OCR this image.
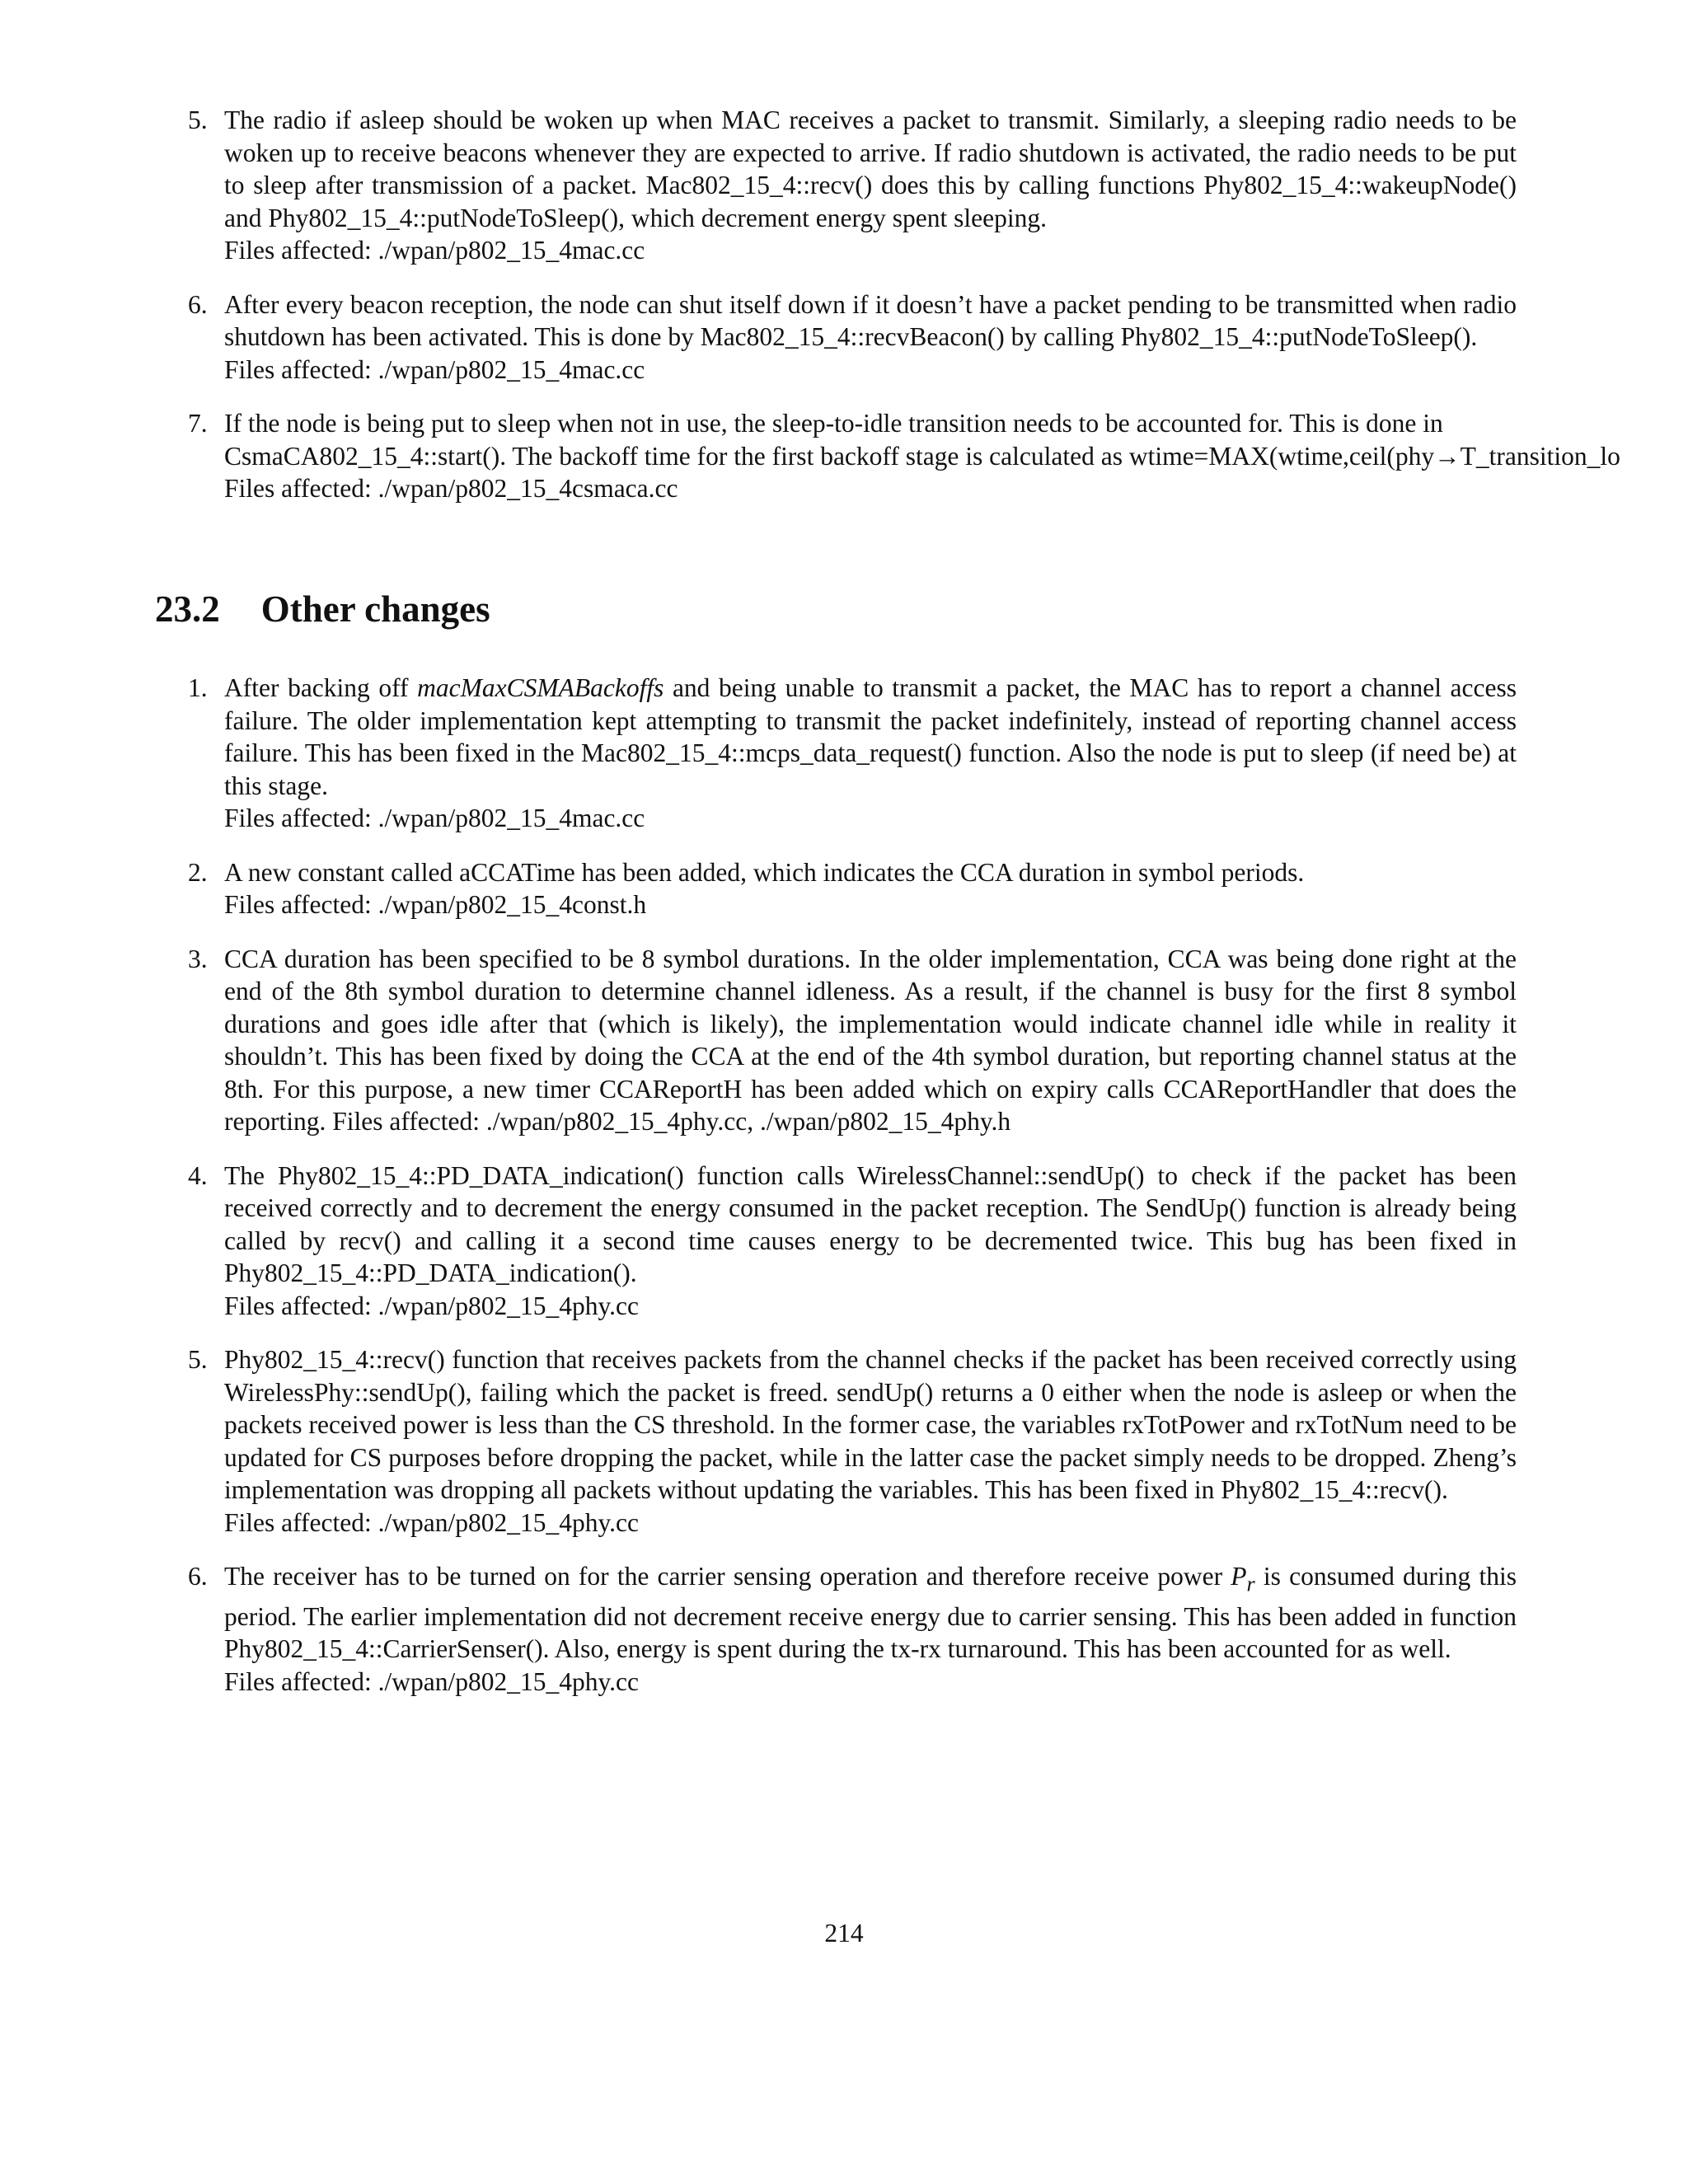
5. The radio if asleep should be woken up when MAC receives a packet to transmit. Similarly, a sleeping radio needs to be woken up to receive beacons whenever they are expected to arrive. If radio shutdown is activated, the radio needs to be put to sleep after transmission of a packet. Mac802_15_4::recv() does this by calling functions Phy802_15_4::wakeupNode() and Phy802_15_4::putNodeToSleep(), which decrement energy spent sleeping.
Files affected: ./wpan/p802_15_4mac.cc
6. After every beacon reception, the node can shut itself down if it doesn’t have a packet pending to be transmitted when radio shutdown has been activated. This is done by Mac802_15_4::recvBeacon() by calling Phy802_15_4::putNodeToSleep().
Files affected: ./wpan/p802_15_4mac.cc
7. If the node is being put to sleep when not in use, the sleep-to-idle transition needs to be accounted for. This is done in
CsmaCA802_15_4::start(). The backoff time for the first backoff stage is calculated as wtime=MAX(wtime,ceil(phy→T_transition_lo
Files affected: ./wpan/p802_15_4csmaca.cc
23.2 Other changes
1. After backing off macMaxCSMABackoffs and being unable to transmit a packet, the MAC has to report a channel access failure. The older implementation kept attempting to transmit the packet indefinitely, instead of reporting channel access failure. This has been fixed in the Mac802_15_4::mcps_data_request() function. Also the node is put to sleep (if need be) at this stage.
Files affected: ./wpan/p802_15_4mac.cc
2. A new constant called aCCATime has been added, which indicates the CCA duration in symbol periods.
Files affected: ./wpan/p802_15_4const.h
3. CCA duration has been specified to be 8 symbol durations. In the older implementation, CCA was being done right at the end of the 8th symbol duration to determine channel idleness. As a result, if the channel is busy for the first 8 symbol durations and goes idle after that (which is likely), the implementation would indicate channel idle while in reality it shouldn’t. This has been fixed by doing the CCA at the end of the 4th symbol duration, but reporting channel status at the 8th. For this purpose, a new timer CCAReportH has been added which on expiry calls CCAReportHandler that does the reporting. Files affected: ./wpan/p802_15_4phy.cc, ./wpan/p802_15_4phy.h
4. The Phy802_15_4::PD_DATA_indication() function calls WirelessChannel::sendUp() to check if the packet has been received correctly and to decrement the energy consumed in the packet reception. The SendUp() function is already being called by recv() and calling it a second time causes energy to be decremented twice. This bug has been fixed in Phy802_15_4::PD_DATA_indication().
Files affected: ./wpan/p802_15_4phy.cc
5. Phy802_15_4::recv() function that receives packets from the channel checks if the packet has been received correctly using WirelessPhy::sendUp(), failing which the packet is freed. sendUp() returns a 0 either when the node is asleep or when the packets received power is less than the CS threshold. In the former case, the variables rxTotPower and rxTotNum need to be updated for CS purposes before dropping the packet, while in the latter case the packet simply needs to be dropped. Zheng’s implementation was dropping all packets without updating the variables. This has been fixed in Phy802_15_4::recv().
Files affected: ./wpan/p802_15_4phy.cc
6. The receiver has to be turned on for the carrier sensing operation and therefore receive power $P_r$ is consumed during this period. The earlier implementation did not decrement receive energy due to carrier sensing. This has been added in function Phy802_15_4::CarrierSenser(). Also, energy is spent during the tx-rx turnaround. This has been accounted for as well.
Files affected: ./wpan/p802_15_4phy.cc
214
